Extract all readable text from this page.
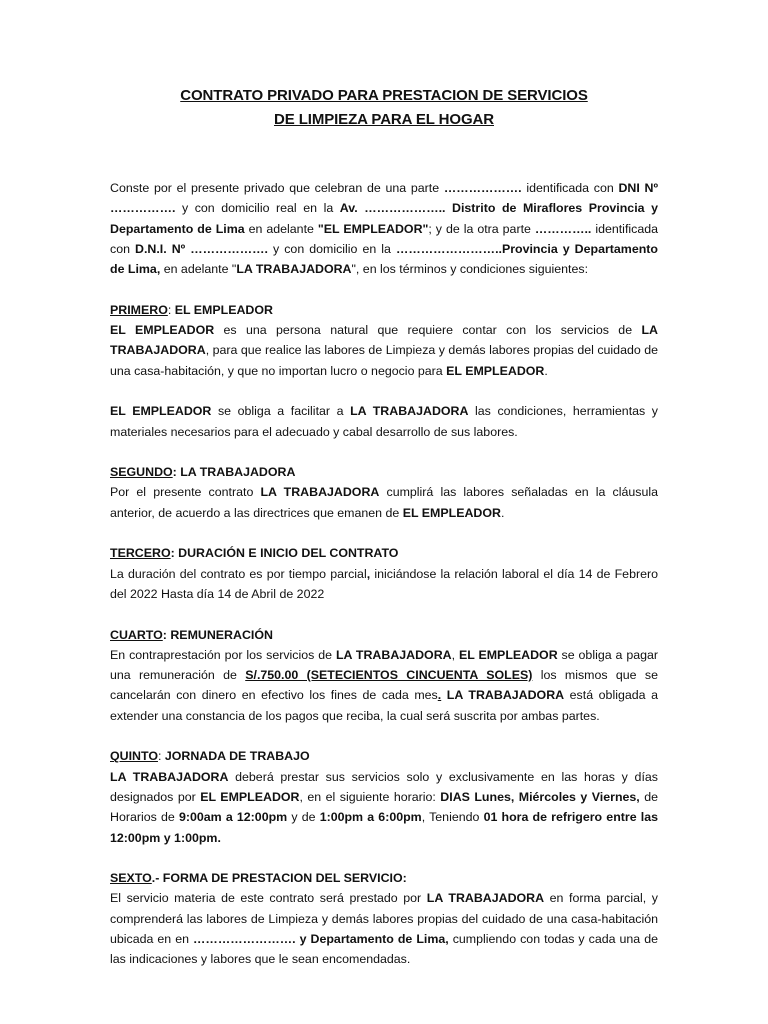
CONTRATO PRIVADO PARA PRESTACION DE SERVICIOS
DE LIMPIEZA PARA EL HOGAR

Conste por el presente privado que celebran de una parte ………………. identificada con DNI Nº ……………. y con domicilio real en la Av. ……………….. Distrito de Miraflores Provincia y Departamento de Lima en adelante "EL EMPLEADOR"; y de la otra parte ………….. identificada con D.N.I. Nº ………………. y con domicilio en la ……………………..Provincia y Departamento de Lima, en adelante "LA TRABAJADORA", en los términos y condiciones siguientes:

PRIMERO: EL EMPLEADOR

EL EMPLEADOR es una persona natural que requiere contar con los servicios de LA TRABAJADORA, para que realice las labores de Limpieza y demás labores propias del cuidado de una casa-habitación, y que no importan lucro o negocio para EL EMPLEADOR.

EL EMPLEADOR se obliga a facilitar a LA TRABAJADORA las condiciones, herramientas y materiales necesarios para el adecuado y cabal desarrollo de sus labores.

SEGUNDO: LA TRABAJADORA

Por el presente contrato LA TRABAJADORA cumplirá las labores señaladas en la cláusula anterior, de acuerdo a las directrices que emanen de EL EMPLEADOR.

TERCERO: DURACIÓN E INICIO DEL CONTRATO

La duración del contrato es por tiempo parcial, iniciándose la relación laboral el día 14 de Febrero del 2022 Hasta día 14 de Abril de 2022

CUARTO: REMUNERACIÓN

En contraprestación por los servicios de LA TRABAJADORA, EL EMPLEADOR se obliga a pagar una remuneración de S/.750.00 (SETECIENTOS CINCUENTA SOLES) los mismos que se cancelarán con dinero en efectivo los fines de cada mes. LA TRABAJADORA está obligada a extender una constancia de los pagos que reciba, la cual será suscrita por ambas partes.

QUINTO: JORNADA DE TRABAJO

LA TRABAJADORA deberá prestar sus servicios solo y exclusivamente en las horas y días designados por EL EMPLEADOR, en el siguiente horario: DIAS Lunes, Miércoles y Viernes, de Horarios de 9:00am a 12:00pm y de 1:00pm a 6:00pm, Teniendo 01 hora de refrigero entre las 12:00pm y 1:00pm.

SEXTO.- FORMA DE PRESTACION DEL SERVICIO:

El servicio materia de este contrato será prestado por LA TRABAJADORA en forma parcial, y comprenderá las labores de Limpieza y demás labores propias del cuidado de una casa-habitación ubicada en en ……………………. y Departamento de Lima, cumpliendo con todas y cada una de las indicaciones y labores que le sean encomendadas.
